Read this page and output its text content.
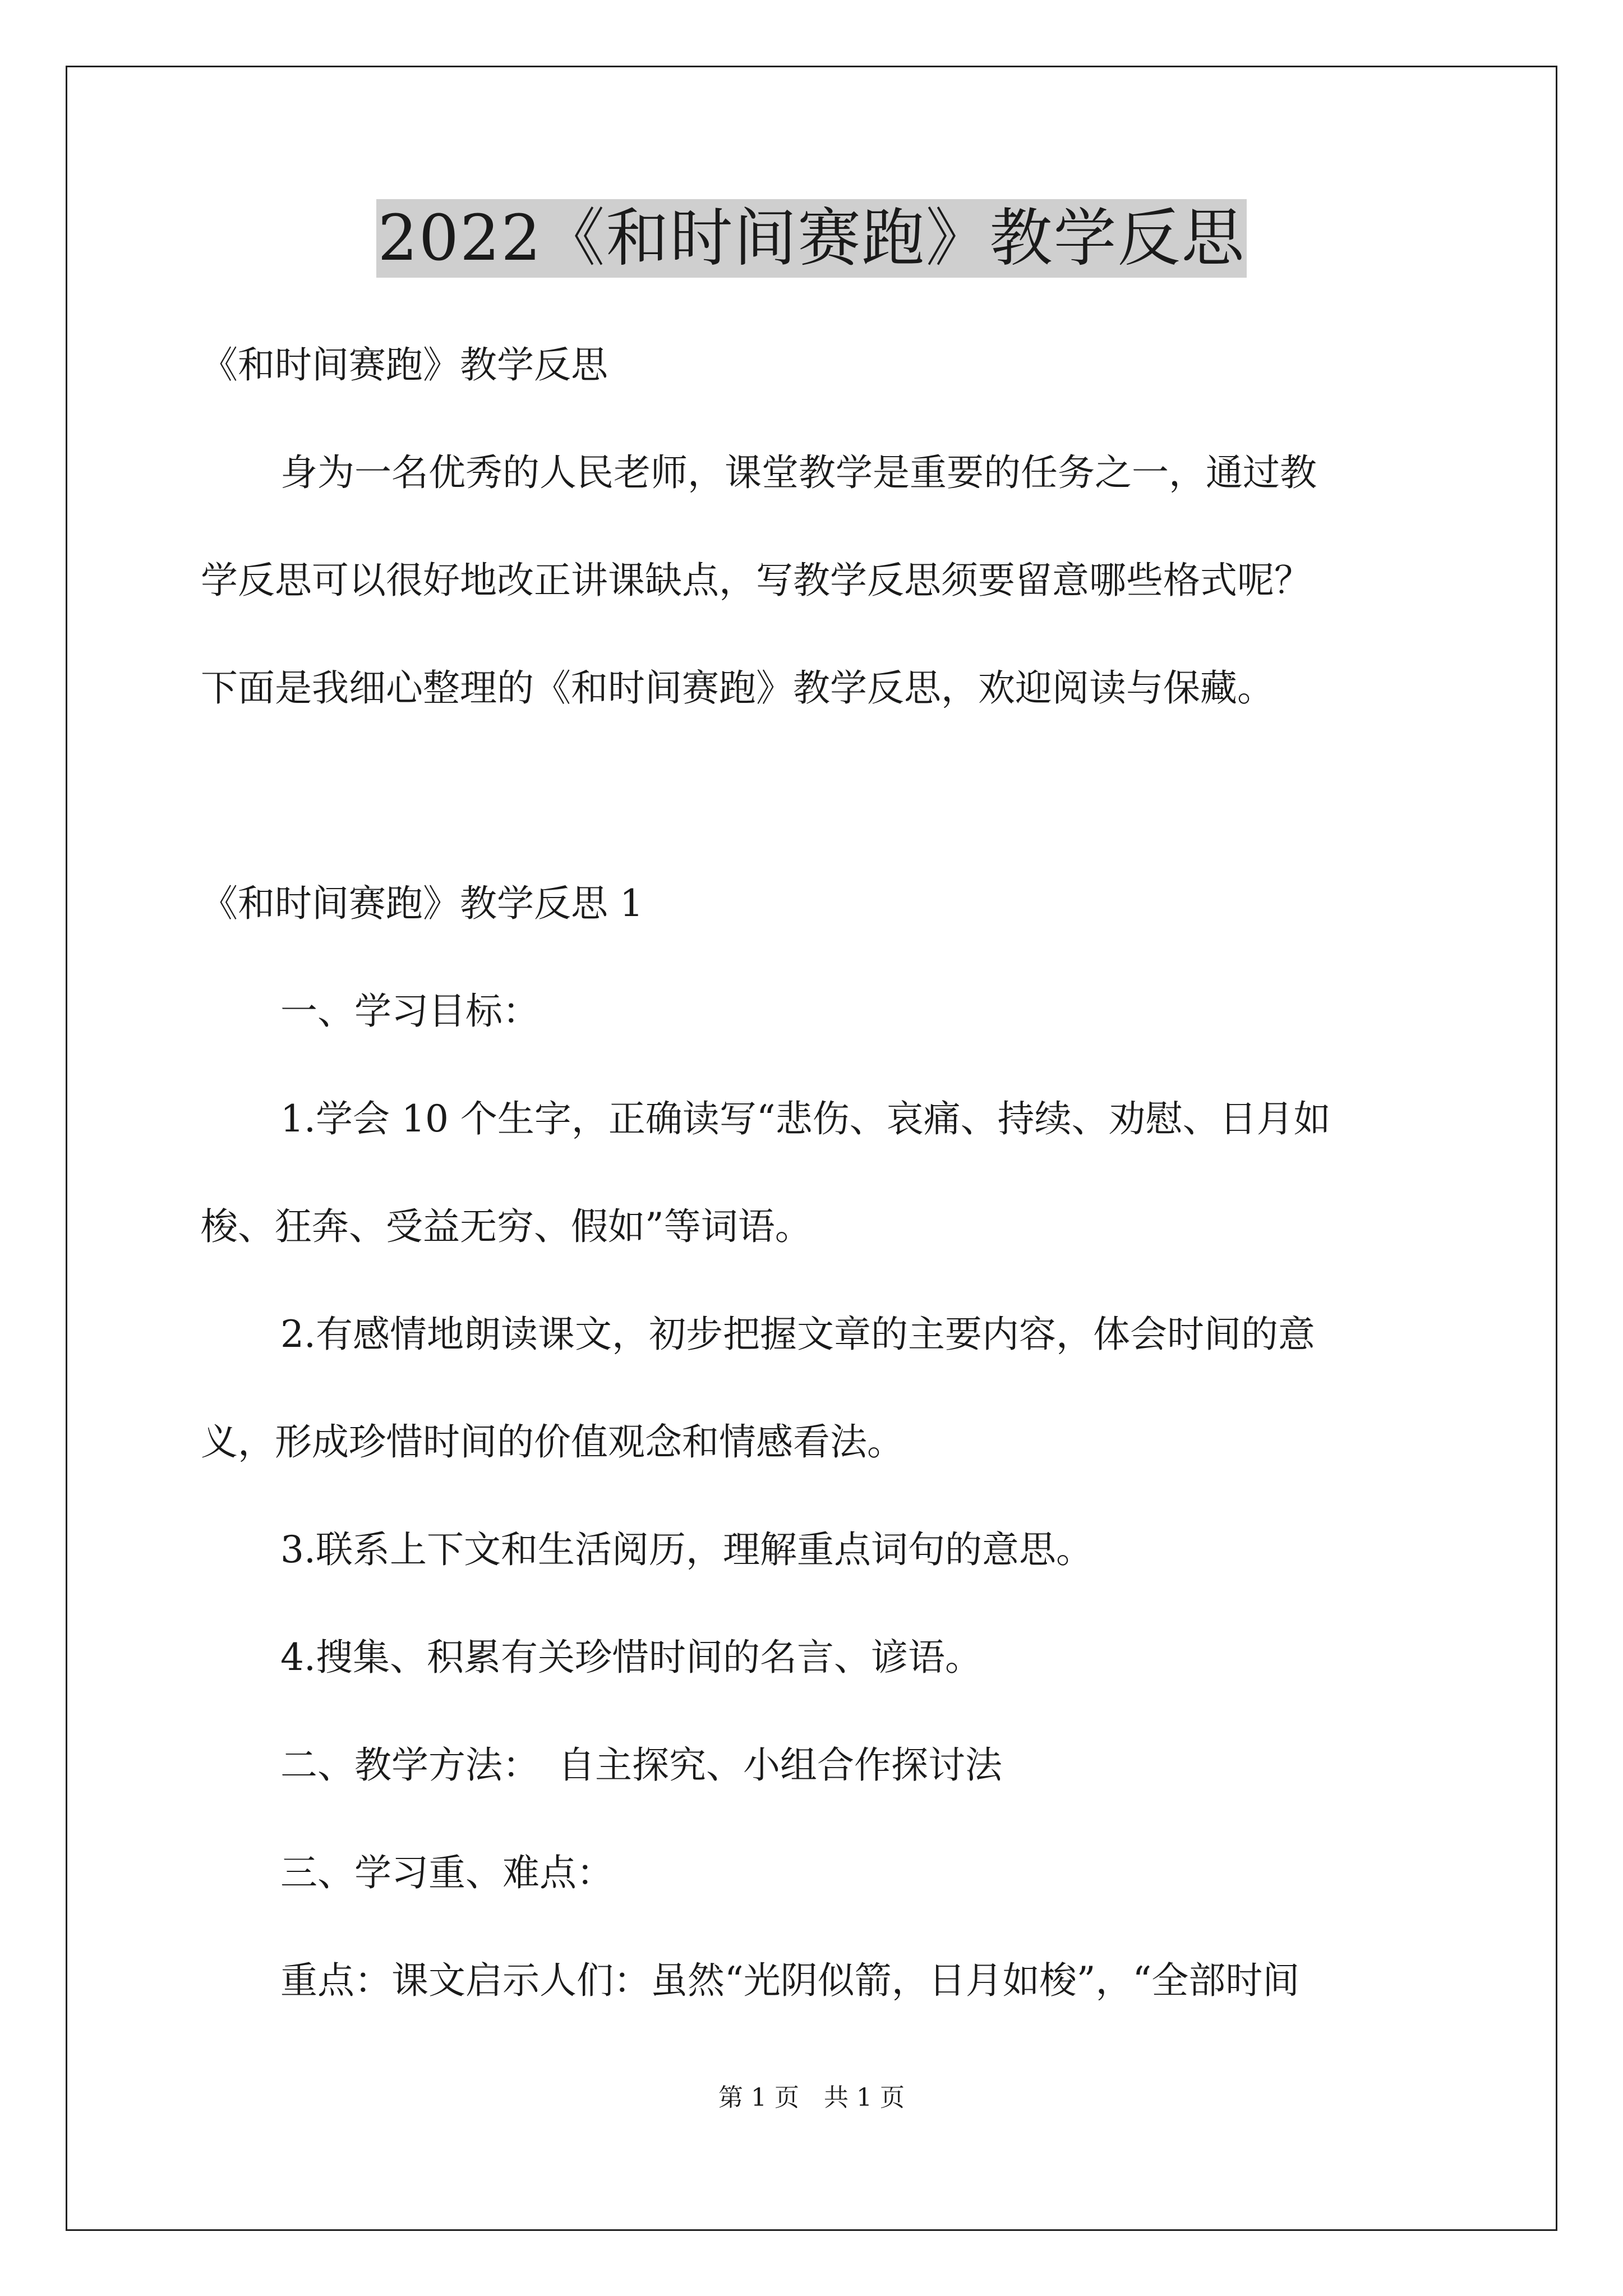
2022《和时间赛跑》教学反思

《和时间赛跑》教学反思

身为一名优秀的人民老师，课堂教学是重要的任务之一，通过教

学反思可以很好地改正讲课缺点，写教学反思须要留意哪些格式呢？

下面是我细心整理的《和时间赛跑》教学反思，欢迎阅读与保藏。

《和时间赛跑》教学反思 1

一、学习目标：

1.学会 10 个生字，正确读写“悲伤、哀痛、持续、劝慰、日月如

梭、狂奔、受益无穷、假如”等词语。

2.有感情地朗读课文，初步把握文章的主要内容，体会时间的意

义，形成珍惜时间的价值观念和情感看法。

3.联系上下文和生活阅历，理解重点词句的意思。

4.搜集、积累有关珍惜时间的名言、谚语。

二、教学方法：　自主探究、小组合作探讨法

三、学习重、难点：

重点：课文启示人们：虽然“光阴似箭，日月如梭”，“全部时间

第 1 页　共 1 页
